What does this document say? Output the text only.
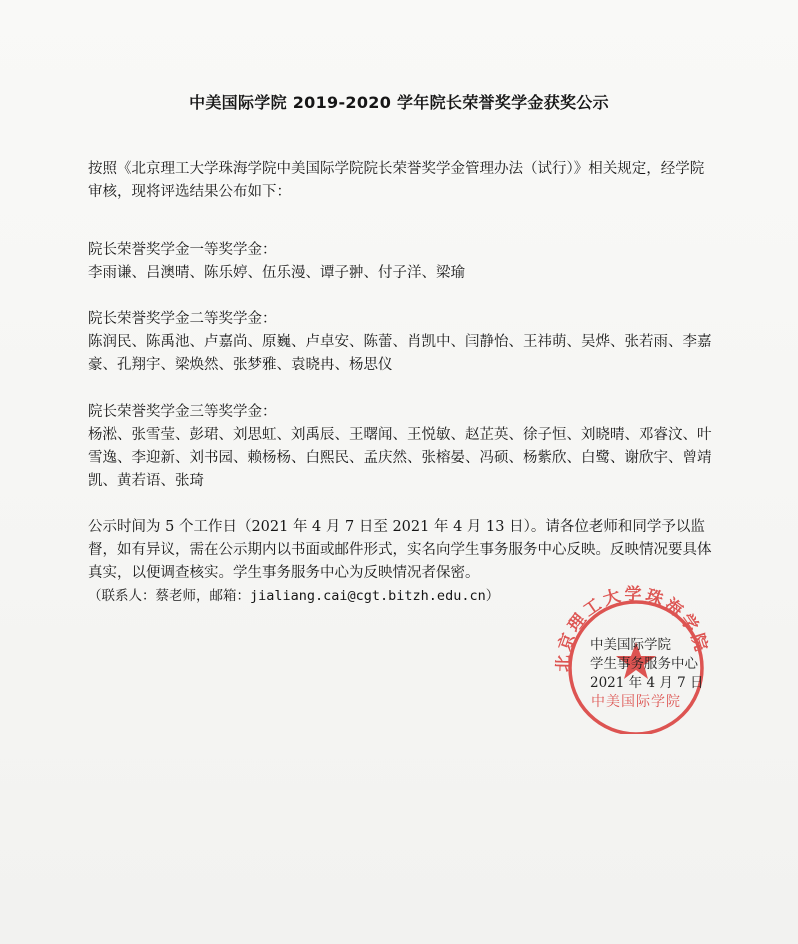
中美国际学院 2019-2020 学年院长荣誉奖学金获奖公示

按照《北京理工大学珠海学院中美国际学院院长荣誉奖学金管理办法（试行）》相关规定，经学院审核，现将评选结果公布如下：

院长荣誉奖学金一等奖学金：
李雨谦、吕澳晴、陈乐婷、伍乐漫、谭子翀、付子洋、梁瑜
院长荣誉奖学金二等奖学金：
陈润民、陈禹池、卢嘉尚、原巍、卢卓安、陈蕾、肖凯中、闫静怡、王祎萌、吴烨、张若雨、李嘉豪、孔翔宇、梁焕然、张梦雅、袁晓冉、杨思仪
院长荣誉奖学金三等奖学金：
杨淞、张雪莹、彭珺、刘思虹、刘禹辰、王曙闻、王悦敏、赵芷英、徐子恒、刘晓晴、邓睿汶、叶雪逸、李迎新、刘书园、赖杨杨、白熙民、孟庆然、张榕晏、冯硕、杨紫欣、白鹭、谢欣宇、曾靖凯、黄若语、张琦

公示时间为 5 个工作日（2021 年 4 月 7 日至 2021 年 4 月 13 日）。请各位老师和同学予以监督，如有异议，需在公示期内以书面或邮件形式，实名向学生事务服务中心反映。反映情况要具体真实，以便调查核实。学生事务服务中心为反映情况者保密。

（联系人：蔡老师，邮箱：jialiang.cai@cgt.bitzh.edu.cn）

北京理工大学珠海学院
中美国际学院
中美国际学院
学生事务服务中心
2021 年 4 月 7 日
